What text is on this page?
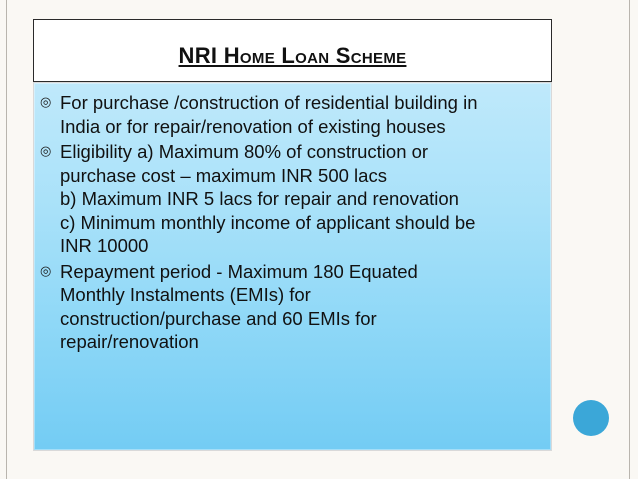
NRI Home Loan Scheme
◎ For purchase /construction of residential building in
India or for repair/renovation of existing houses
◎ Eligibility a) Maximum 80% of construction or
purchase cost – maximum INR 500 lacs
b) Maximum INR 5 lacs for repair and renovation
c) Minimum monthly income of applicant should be
INR 10000
◎ Repayment period - Maximum 180 Equated
Monthly Instalments (EMIs) for
construction/purchase and 60 EMIs for
repair/renovation
